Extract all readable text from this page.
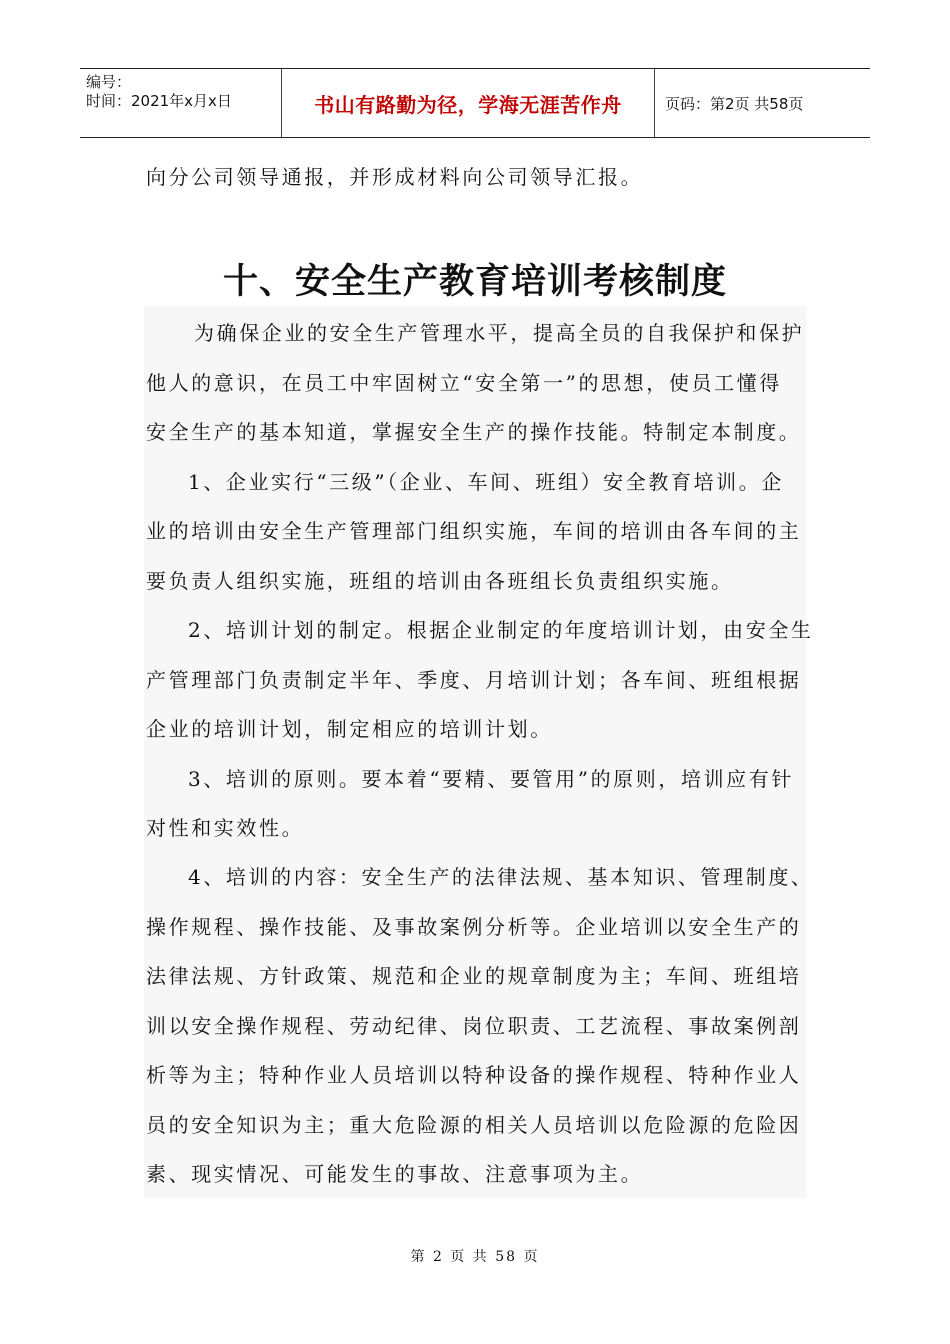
编号：
时间：2021年x月x日	书山有路勤为径，学海无涯苦作舟	页码：第2页 共58页
向分公司领导通报，并形成材料向公司领导汇报。
十、安全生产教育培训考核制度
为确保企业的安全生产管理水平，提高全员的自我保护和保护
他人的意识，在员工中牢固树立“安全第一”的思想，使员工懂得
安全生产的基本知道，掌握安全生产的操作技能。特制定本制度。
1、企业实行“三级”（企业、车间、班组）安全教育培训。企
业的培训由安全生产管理部门组织实施，车间的培训由各车间的主
要负责人组织实施，班组的培训由各班组长负责组织实施。
2、培训计划的制定。根据企业制定的年度培训计划，由安全生
产管理部门负责制定半年、季度、月培训计划；各车间、班组根据
企业的培训计划，制定相应的培训计划。
3、培训的原则。要本着“要精、要管用”的原则，培训应有针
对性和实效性。
4、培训的内容：安全生产的法律法规、基本知识、管理制度、
操作规程、操作技能、及事故案例分析等。企业培训以安全生产的
法律法规、方针政策、规范和企业的规章制度为主；车间、班组培
训以安全操作规程、劳动纪律、岗位职责、工艺流程、事故案例剖
析等为主；特种作业人员培训以特种设备的操作规程、特种作业人
员的安全知识为主；重大危险源的相关人员培训以危险源的危险因
素、现实情况、可能发生的事故、注意事项为主。
第 2 页 共 58 页
